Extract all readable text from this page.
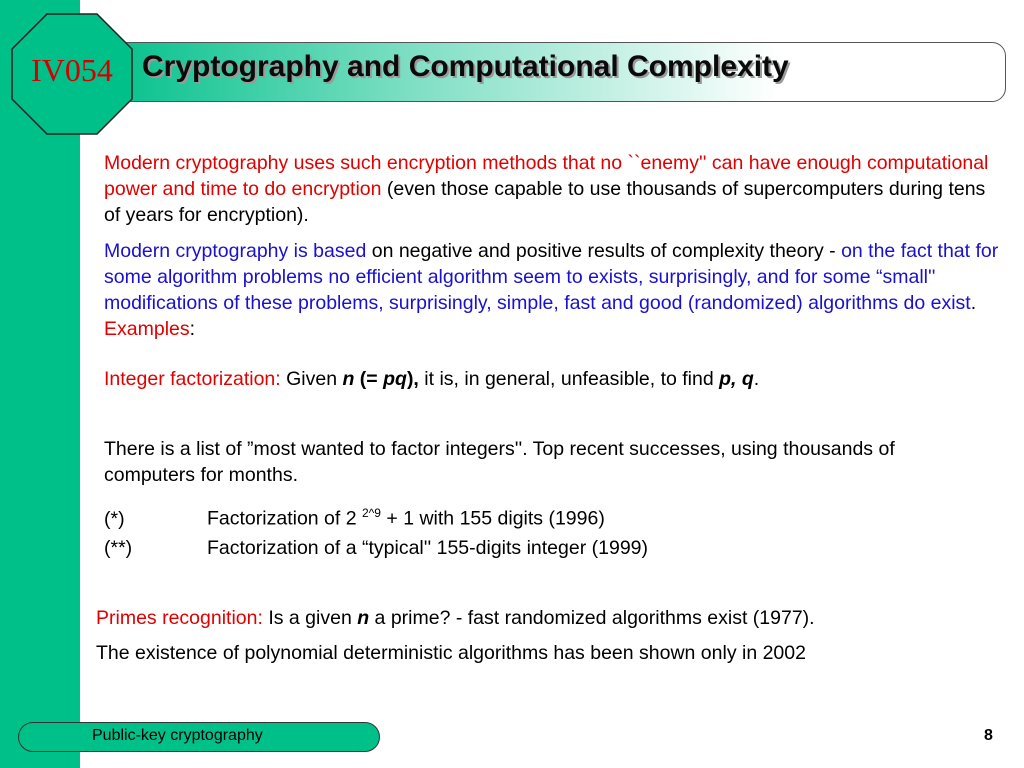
Cryptography and Computational Complexity
IV054
Modern cryptography uses such encryption methods that no ``enemy'' can have enough computational power and time to do encryption (even those capable to use thousands of supercomputers during tens of years for encryption).
Modern cryptography is based on negative and positive results of complexity theory - on the fact that for some algorithm problems no efficient algorithm seem to exists, surprisingly, and for some “small'' modifications of these problems, surprisingly, simple, fast and good (randomized) algorithms do exist. Examples:
Integer factorization: Given n (= pq), it is, in general, unfeasible, to find p, q.
There is a list of ”most wanted to factor integers''. Top recent successes, using thousands of computers for months.
(*)	Factorization of 2 $^{2\^{}9}$ + 1 with 155 digits (1996)
(**)	Factorization of a “typical'' 155-digits integer (1999)
Primes recognition: Is a given n a prime? - fast randomized algorithms exist (1977).
The existence of polynomial deterministic algorithms has been shown only in 2002
Public-key cryptography	8
